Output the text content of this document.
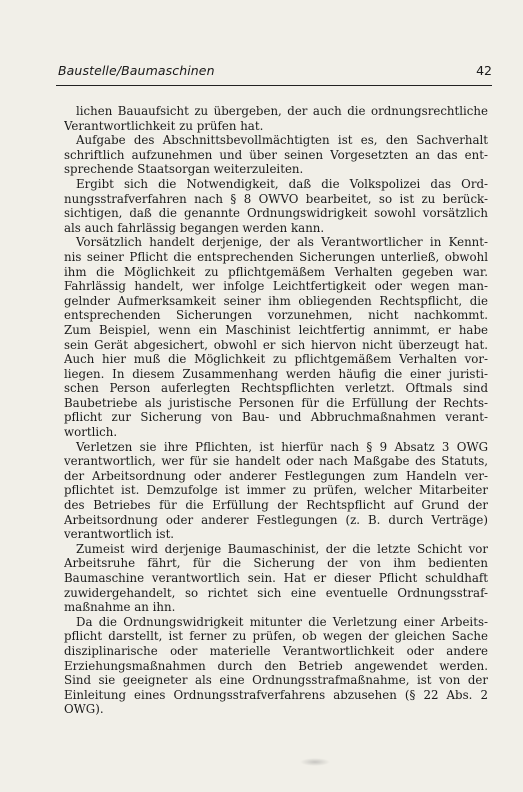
Baustelle/Baumaschinen	42
lichen Bauaufsicht zu übergeben, der auch die ordnungsrechtliche
Verantwortlichkeit zu prüfen hat.
Aufgabe des Abschnittsbevollmächtigten ist es, den Sachverhalt
schriftlich aufzunehmen und über seinen Vorgesetzten an das ent-
sprechende Staatsorgan weiterzuleiten.
Ergibt sich die Notwendigkeit, daß die Volkspolizei das Ord-
nungsstrafverfahren nach § 8 OWVO bearbeitet, so ist zu berück-
sichtigen, daß die genannte Ordnungswidrigkeit sowohl vorsätzlich
als auch fahrlässig begangen werden kann.
Vorsätzlich handelt derjenige, der als Verantwortlicher in Kennt-
nis seiner Pflicht die entsprechenden Sicherungen unterließ, obwohl
ihm die Möglichkeit zu pflichtgemäßem Verhalten gegeben war.
Fahrlässig handelt, wer infolge Leichtfertigkeit oder wegen man-
gelnder Aufmerksamkeit seiner ihm obliegenden Rechtspflicht, die
entsprechenden Sicherungen vorzunehmen, nicht nachkommt.
Zum Beispiel, wenn ein Maschinist leichtfertig annimmt, er habe
sein Gerät abgesichert, obwohl er sich hiervon nicht überzeugt hat.
Auch hier muß die Möglichkeit zu pflichtgemäßem Verhalten vor-
liegen. In diesem Zusammenhang werden häufig die einer juristi-
schen Person auferlegten Rechtspflichten verletzt. Oftmals sind
Baubetriebe als juristische Personen für die Erfüllung der Rechts-
pflicht zur Sicherung von Bau- und Abbruchmaßnahmen verant-
wortlich.
Verletzen sie ihre Pflichten, ist hierfür nach § 9 Absatz 3 OWG
verantwortlich, wer für sie handelt oder nach Maßgabe des Statuts,
der Arbeitsordnung oder anderer Festlegungen zum Handeln ver-
pflichtet ist. Demzufolge ist immer zu prüfen, welcher Mitarbeiter
des Betriebes für die Erfüllung der Rechtspflicht auf Grund der
Arbeitsordnung oder anderer Festlegungen (z. B. durch Verträge)
verantwortlich ist.
Zumeist wird derjenige Baumaschinist, der die letzte Schicht vor
Arbeitsruhe fährt, für die Sicherung der von ihm bedienten
Baumaschine verantwortlich sein. Hat er dieser Pflicht schuldhaft
zuwidergehandelt, so richtet sich eine eventuelle Ordnungsstraf-
maßnahme an ihn.
Da die Ordnungswidrigkeit mitunter die Verletzung einer Arbeits-
pflicht darstellt, ist ferner zu prüfen, ob wegen der gleichen Sache
disziplinarische oder materielle Verantwortlichkeit oder andere
Erziehungsmaßnahmen durch den Betrieb angewendet werden.
Sind sie geeigneter als eine Ordnungsstrafmaßnahme, ist von der
Einleitung eines Ordnungsstrafverfahrens abzusehen (§ 22 Abs. 2
OWG).
